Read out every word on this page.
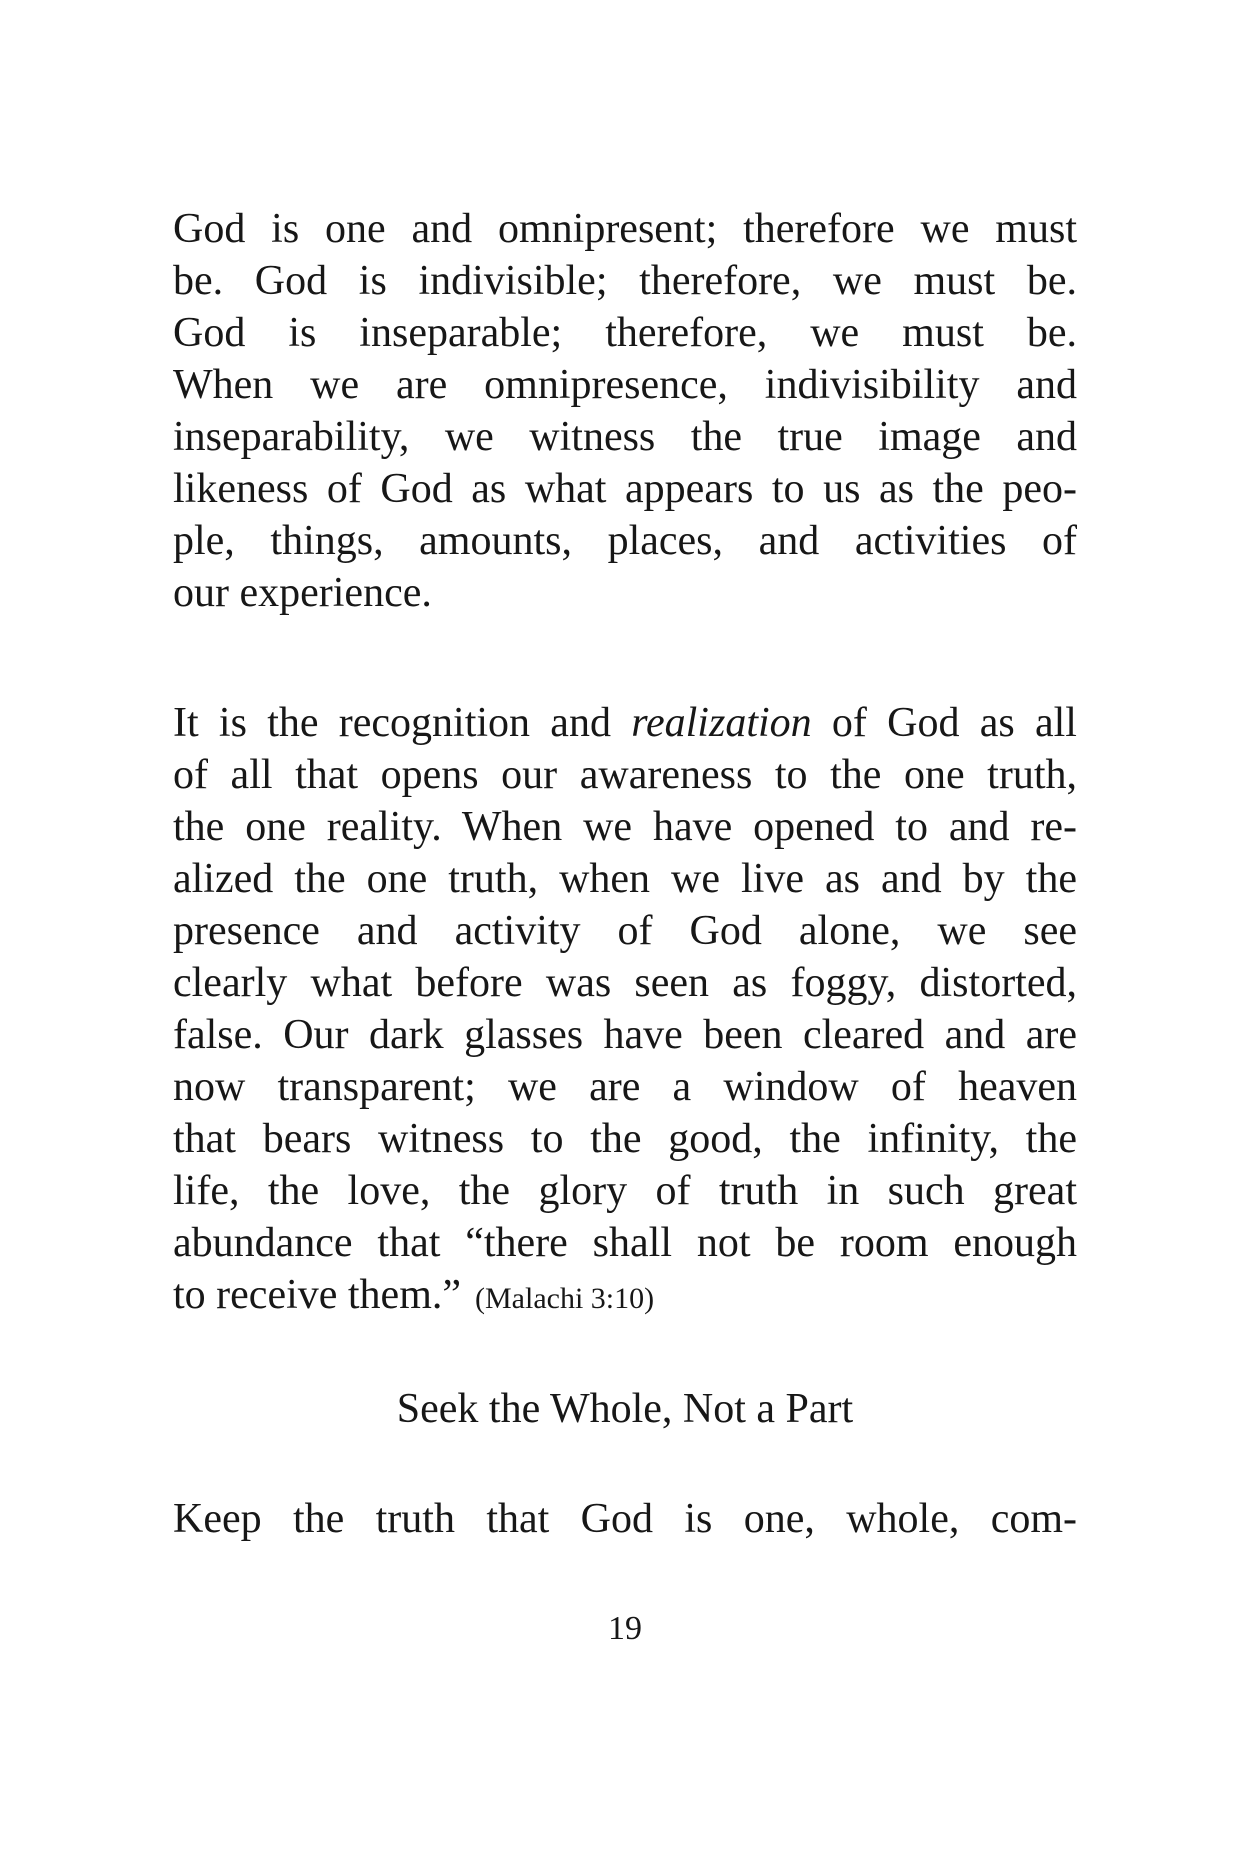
God is one and omnipresent; therefore we must
be. God is indivisible; therefore, we must be.
God is inseparable; therefore, we must be.
When we are omnipresence, indivisibility and
inseparability, we witness the true image and
likeness of God as what appears to us as the peo-
ple, things, amounts, places, and activities of
our experience.
It is the recognition and realization of God as all
of all that opens our awareness to the one truth,
the one reality. When we have opened to and re-
alized the one truth, when we live as and by the
presence and activity of God alone, we see
clearly what before was seen as foggy, distorted,
false. Our dark glasses have been cleared and are
now transparent; we are a window of heaven
that bears witness to the good, the infinity, the
life, the love, the glory of truth in such great
abundance that “there shall not be room enough
to receive them.” (Malachi 3:10)
Seek the Whole, Not a Part
Keep the truth that God is one, whole, com-
19
